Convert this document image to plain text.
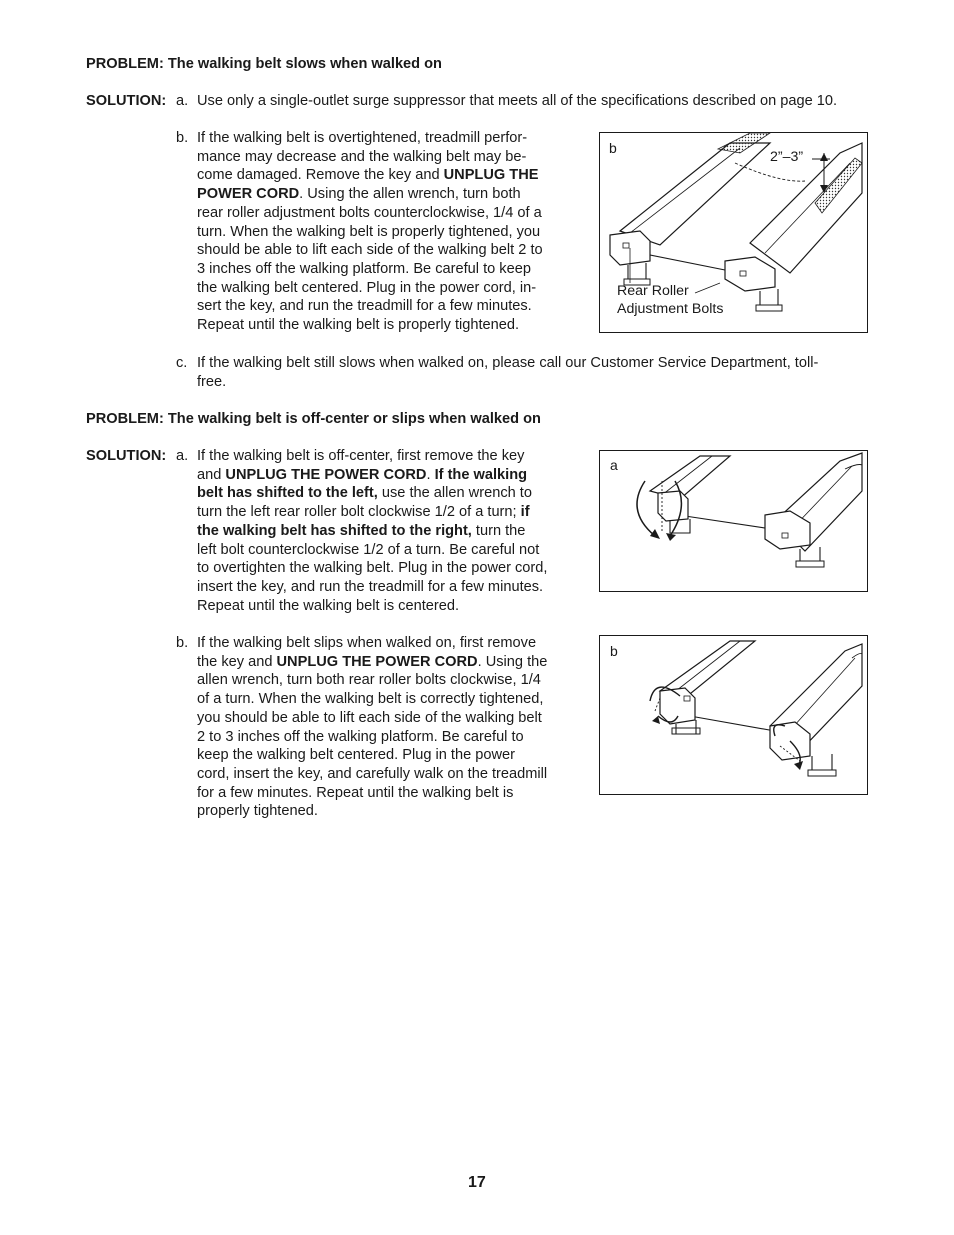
PROBLEM: The walking belt slows when walked on
SOLUTION: a. Use only a single-outlet surge suppressor that meets all of the specifications described on page 10.
b. If the walking belt is overtightened, treadmill perfor-
mance may decrease and the walking belt may be-
come damaged. Remove the key and UNPLUG THE
POWER CORD. Using the allen wrench, turn both
rear roller adjustment bolts counterclockwise, 1/4 of a
turn. When the walking belt is properly tightened, you
should be able to lift each side of the walking belt 2 to
3 inches off the walking platform. Be careful to keep
the walking belt centered. Plug in the power cord, in-
sert the key, and run the treadmill for a few minutes.
Repeat until the walking belt is properly tightened.
b
2”–3”
Rear Roller
Adjustment Bolts
c. If the walking belt still slows when walked on, please call our Customer Service Department, toll-
free.
PROBLEM: The walking belt is off-center or slips when walked on
SOLUTION: a. If the walking belt is off-center, first remove the key
and UNPLUG THE POWER CORD. If the walking
belt has shifted to the left, use the allen wrench to
turn the left rear roller bolt clockwise 1/2 of a turn; if
the walking belt has shifted to the right, turn the
left bolt counterclockwise 1/2 of a turn. Be careful not
to overtighten the walking belt. Plug in the power cord,
insert the key, and run the treadmill for a few minutes.
Repeat until the walking belt is centered.
a
b. If the walking belt slips when walked on, first remove
the key and UNPLUG THE POWER CORD. Using the
allen wrench, turn both rear roller bolts clockwise, 1/4
of a turn. When the walking belt is correctly tightened,
you should be able to lift each side of the walking belt
2 to 3 inches off the walking platform. Be careful to
keep the walking belt centered. Plug in the power
cord, insert the key, and carefully walk on the treadmill
for a few minutes. Repeat until the walking belt is
properly tightened.
b
17
